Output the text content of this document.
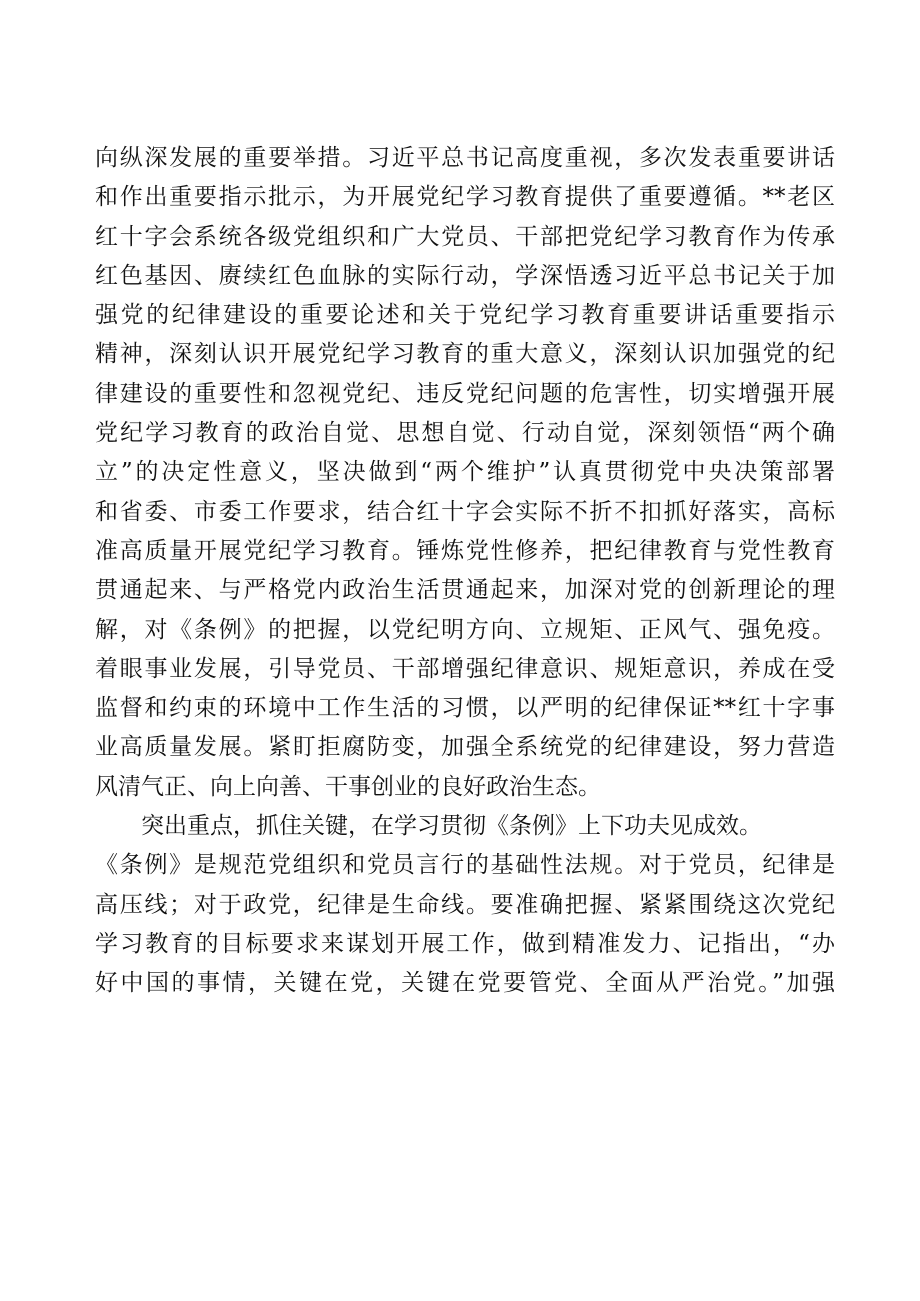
向纵深发展的重要举措。习近平总书记高度重视，多次发表重要讲话
和作出重要指示批示，为开展党纪学习教育提供了重要遵循。**老区
红十字会系统各级党组织和广大党员、干部把党纪学习教育作为传承
红色基因、赓续红色血脉的实际行动，学深悟透习近平总书记关于加
强党的纪律建设的重要论述和关于党纪学习教育重要讲话重要指示
精神，深刻认识开展党纪学习教育的重大意义，深刻认识加强党的纪
律建设的重要性和忽视党纪、违反党纪问题的危害性，切实增强开展
党纪学习教育的政治自觉、思想自觉、行动自觉，深刻领悟“两个确
立”的决定性意义，坚决做到“两个维护”认真贯彻党中央决策部署
和省委、市委工作要求，结合红十字会实际不折不扣抓好落实，高标
准高质量开展党纪学习教育。锤炼党性修养，把纪律教育与党性教育
贯通起来、与严格党内政治生活贯通起来，加深对党的创新理论的理
解，对《条例》的把握，以党纪明方向、立规矩、正风气、强免疫。
着眼事业发展，引导党员、干部增强纪律意识、规矩意识，养成在受
监督和约束的环境中工作生活的习惯，以严明的纪律保证**红十字事
业高质量发展。紧盯拒腐防变，加强全系统党的纪律建设，努力营造
风清气正、向上向善、干事创业的良好政治生态。
突出重点，抓住关键，在学习贯彻《条例》上下功夫见成效。
《条例》是规范党组织和党员言行的基础性法规。对于党员，纪律是
高压线；对于政党，纪律是生命线。要准确把握、紧紧围绕这次党纪
学习教育的目标要求来谋划开展工作，做到精准发力、记指出，“办
好中国的事情，关键在党，关键在党要管党、全面从严治党。”加强
